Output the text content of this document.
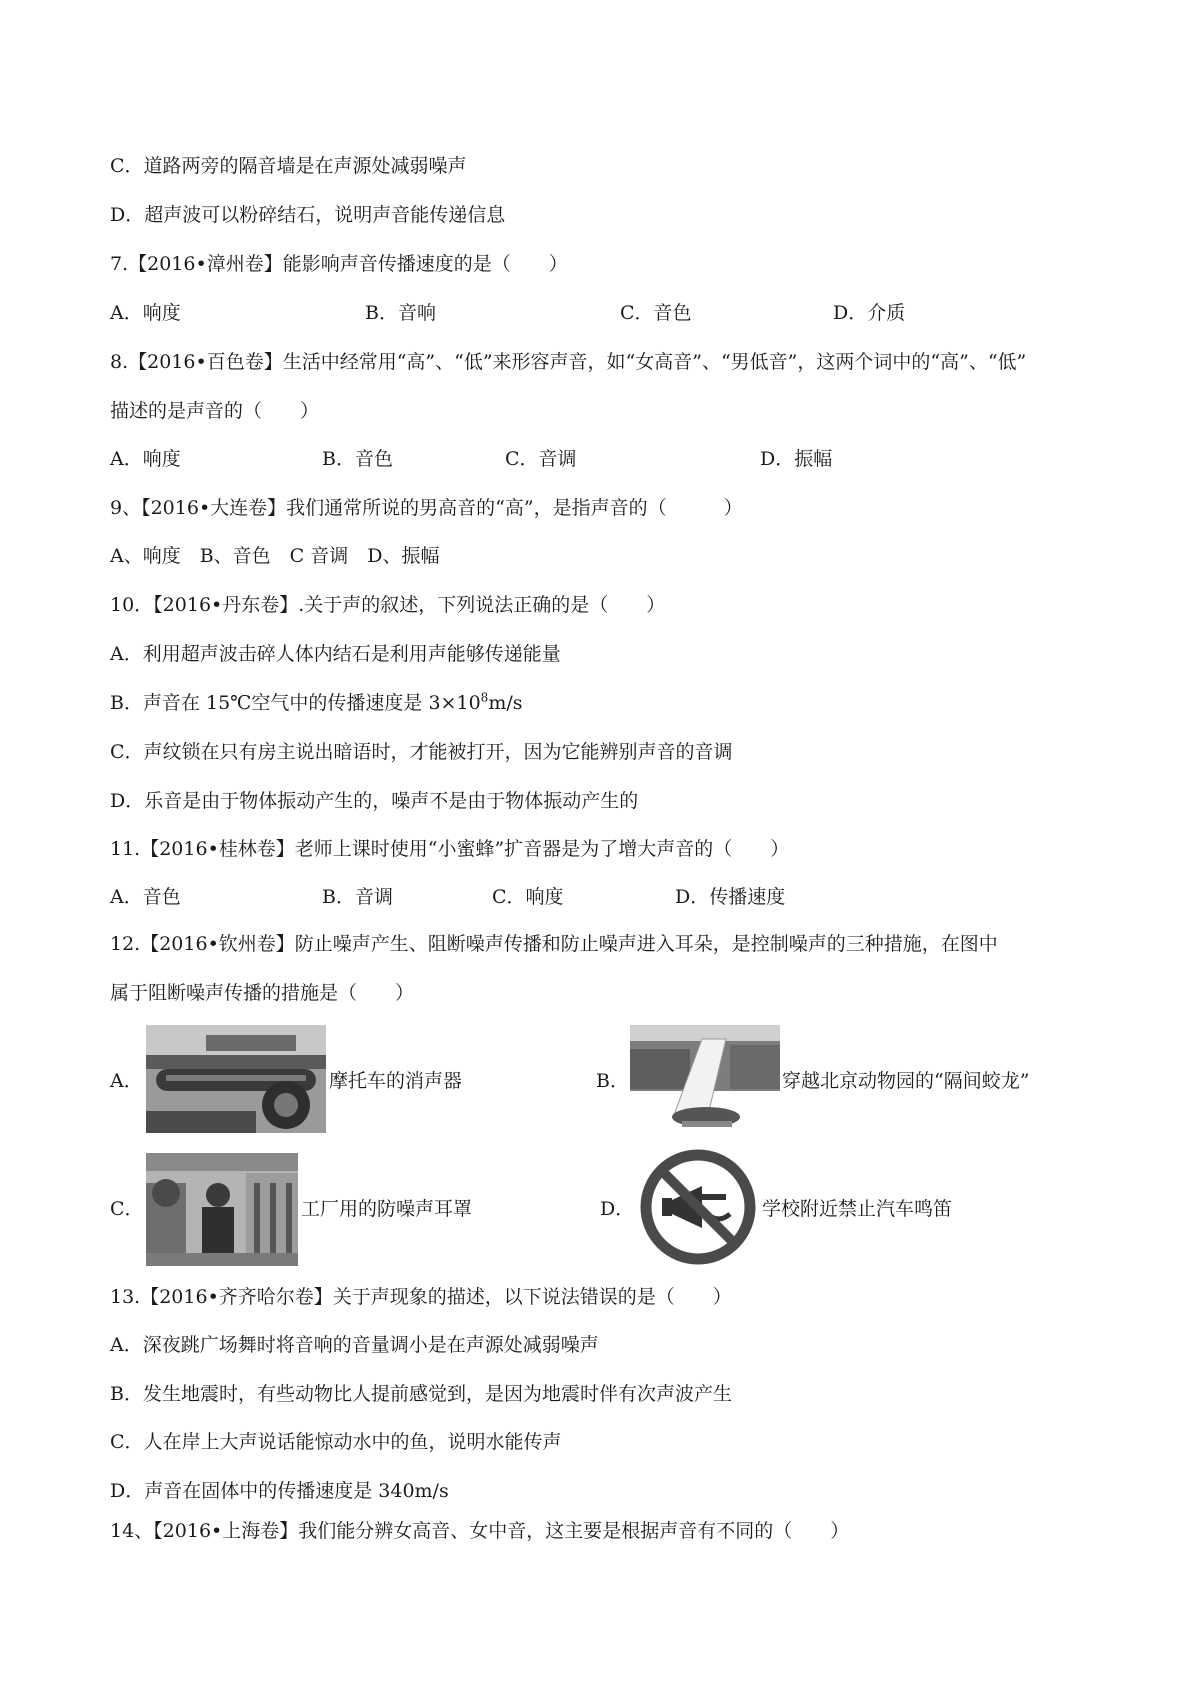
C．道路两旁的隔音墙是在声源处减弱噪声
D．超声波可以粉碎结石，说明声音能传递信息
7.【2016•漳州卷】能影响声音传播速度的是（　　）
A．响度	B．音响	C．音色	D．介质
8.【2016•百色卷】生活中经常用“高”、“低”来形容声音，如“女高音”、“男低音”，这两个词中的“高”、“低”
描述的是声音的（　　）
A．响度	B．音色	C．音调	D．振幅
9、【2016•大连卷】我们通常所说的男高音的“高”，是指声音的（　　　）
A、响度　B、音色　C 音调　D、振幅
10．【2016•丹东卷】.关于声的叙述，下列说法正确的是（　　）
A．利用超声波击碎人体内结石是利用声能够传递能量
B．声音在 15℃空气中的传播速度是 $3\times 10^8m/s$
C．声纹锁在只有房主说出暗语时，才能被打开，因为它能辨别声音的音调
D．乐音是由于物体振动产生的，噪声不是由于物体振动产生的
11.【2016•桂林卷】老师上课时使用“小蜜蜂”扩音器是为了增大声音的（　　）
A．音色	B．音调	C．响度	D．传播速度
12.【2016•钦州卷】防止噪声产生、阻断噪声传播和防止噪声进入耳朵，是控制噪声的三种措施，在图中
属于阻断噪声传播的措施是（　　）
A．	摩托车的消声器	B．	穿越北京动物园的“隔间蛟龙”
C．	工厂用的防噪声耳罩	D．	学校附近禁止汽车鸣笛
13.【2016•齐齐哈尔卷】关于声现象的描述，以下说法错误的是（　　）
A．深夜跳广场舞时将音响的音量调小是在声源处减弱噪声
B．发生地震时，有些动物比人提前感觉到，是因为地震时伴有次声波产生
C．人在岸上大声说话能惊动水中的鱼，说明水能传声
D．声音在固体中的传播速度是 340m/s
14、【2016•上海卷】我们能分辨女高音、女中音，这主要是根据声音有不同的（　　）
